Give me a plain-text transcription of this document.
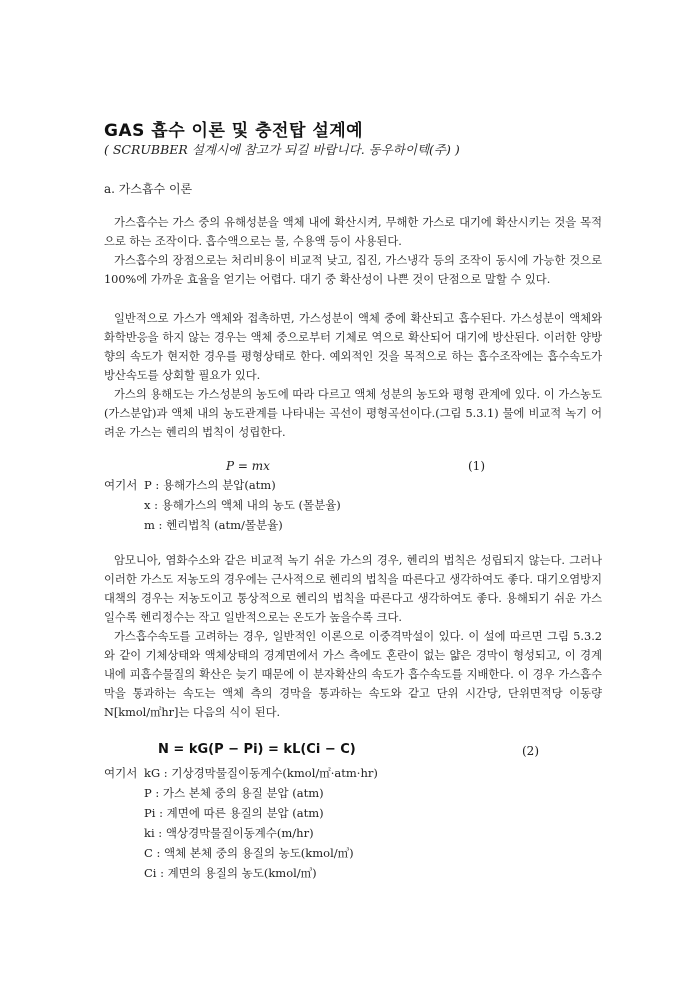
GAS 흡수 이론 및 충전탑 설계예
( SCRUBBER 설계시에 참고가 되길 바랍니다. 동우하이텍(주) )
a. 가스흡수 이론

가스흡수는 가스 중의 유해성분을 액체 내에 확산시켜, 무해한 가스로 대기에 확산시키는 것을 목적으로 하는 조작이다. 흡수액으로는 물, 수용액 등이 사용된다.

가스흡수의 장점으로는 처리비용이 비교적 낮고, 집진, 가스냉각 등의 조작이 동시에 가능한 것으로 100%에 가까운 효율을 얻기는 어렵다. 대기 중 확산성이 나쁜 것이 단점으로 말할 수 있다.

일반적으로 가스가 액체와 접촉하면, 가스성분이 액체 중에 확산되고 흡수된다. 가스성분이 액체와 화학반응을 하지 않는 경우는 액체 중으로부터 기체로 역으로 확산되어 대기에 방산된다. 이러한 양방향의 속도가 현저한 경우를 평형상태로 한다. 예외적인 것을 목적으로 하는 흡수조작에는 흡수속도가 방산속도를 상회할 필요가 있다.

가스의 용해도는 가스성분의 농도에 따라 다르고 액체 성분의 농도와 평형 관계에 있다. 이 가스농도(가스분압)과 액체 내의 농도관계를 나타내는 곡선이 평형곡선이다.(그림 5.3.1) 물에 비교적 녹기 어려운 가스는 헨리의 법칙이 성립한다.

P = mx	(1)
여기서 P : 용해가스의 분압(atm)
x : 용해가스의 액체 내의 농도 (몰분율)
m : 헨리법칙 (atm/몰분율)

암모니아, 염화수소와 같은 비교적 녹기 쉬운 가스의 경우, 헨리의 법칙은 성립되지 않는다. 그러나 이러한 가스도 저농도의 경우에는 근사적으로 헨리의 법칙을 따른다고 생각하여도 좋다. 대기오염방지대책의 경우는 저농도이고 통상적으로 헨리의 법칙을 따른다고 생각하여도 좋다. 용해되기 쉬운 가스일수록 헨리정수는 작고 일반적으로는 온도가 높을수록 크다.

가스흡수속도를 고려하는 경우, 일반적인 이론으로 이중격막설이 있다. 이 설에 따르면 그림 5.3.2와 같이 기체상태와 액체상태의 경계면에서 가스 측에도 혼란이 없는 얇은 경막이 형성되고, 이 경계 내에 피흡수물질의 확산은 늦기 때문에 이 분자확산의 속도가 흡수속도를 지배한다. 이 경우 가스흡수막을 통과하는 속도는 액체 측의 경막을 통과하는 속도와 같고 단위 시간당, 단위면적당 이동량 N[kmol/㎡hr]는 다음의 식이 된다.

N = kG(P − Pi) = kL(Ci − C)	(2)
여기서 kG : 기상경막물질이동계수(kmol/㎡·atm·hr)
P : 가스 본체 중의 용질 분압 (atm)
Pi : 계면에 따른 용질의 분압 (atm)
ki : 액상경막물질이동계수(m/hr)
C : 액체 본체 중의 용질의 농도(kmol/㎥)
Ci : 계면의 용질의 농도(kmol/㎥)
